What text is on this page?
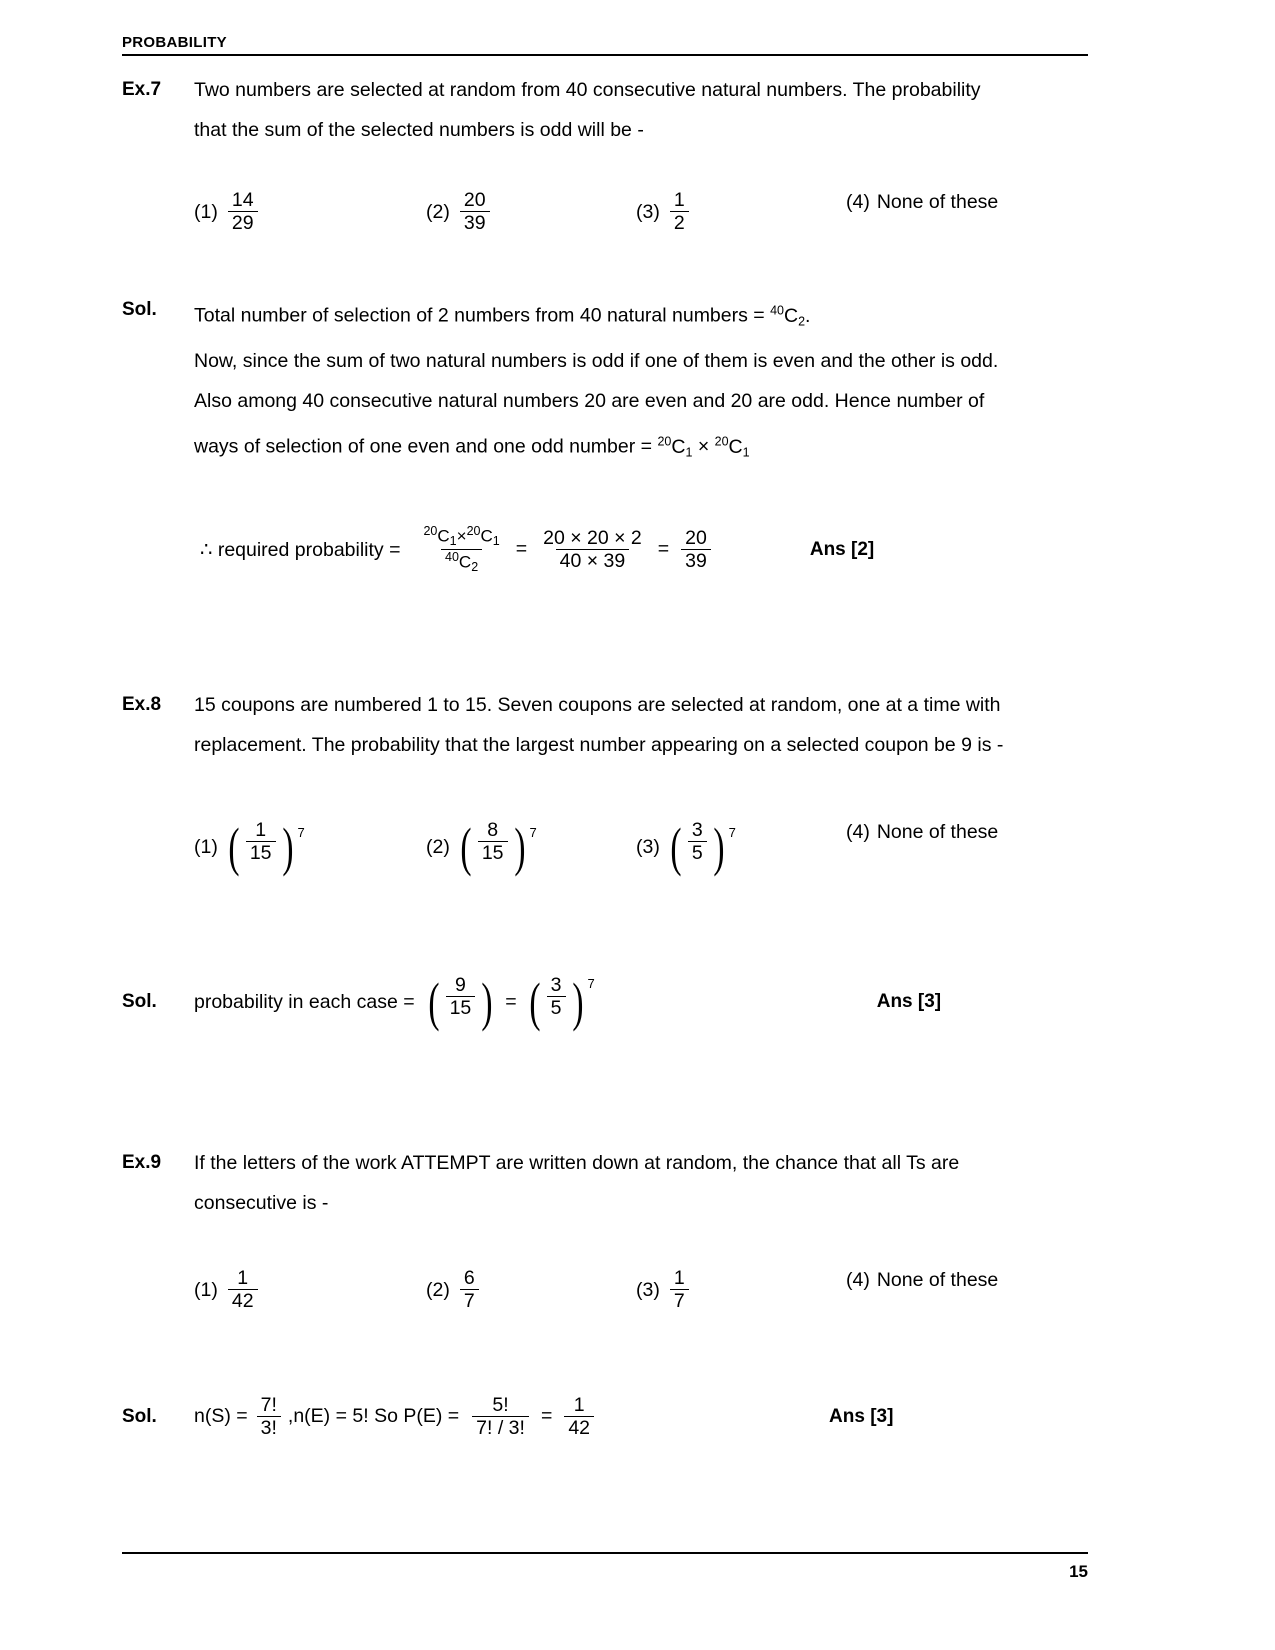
PROBABILITY
Ex.7	Two numbers are selected at random from 40 consecutive natural numbers. The probability
that the sum of the selected numbers is odd will be -
$(1) \frac{14}{29}$	$(2) \frac{20}{39}$	$(3) \frac{1}{2}$	(4) None of these
Sol.	Total number of selection of 2 numbers from 40 natural numbers = $^{40}C_2$.
Now, since the sum of two natural numbers is odd if one of them is even and the other is odd.
Also among 40 consecutive natural numbers 20 are even and 20 are odd. Hence number of
ways of selection of one even and one odd number = $^{20}C_1 \times ^{20}C_1$
∴ required probability = $\frac{^{20}C_1\times^{20}C_1}{^{40}C_2} = \frac{20 \times 20 \times 2}{40 \times 39} = \frac{20}{39}$	Ans [2]
Ex.8	15 coupons are numbered 1 to 15. Seven coupons are selected at random, one at a time with
replacement. The probability that the largest number appearing on a selected coupon be 9 is -
(1) ( $\frac{1}{15}$ ) 7
(2) ( $\frac{8}{15}$ ) 7
(3) ( $\frac{3}{5}$ ) 7	(4) None of these
Sol.	probability in each case = ( $\frac{9}{15}$ ) = ( $\frac{3}{5}$ ) 7
Ans [3]
Ex.9	If the letters of the work ATTEMPT are written down at random, the chance that all Ts are
consecutive is -
$(1) \frac{1}{42}$	$(2) \frac{6}{7}$	$(3) \frac{1}{7}$	(4) None of these
Sol.	$n(S) = \frac{7!}{3!} ,n(E) = 5$! So $P(E) = \frac{5!}{7! / 3!} = \frac{1}{42}$	Ans [3]
15
